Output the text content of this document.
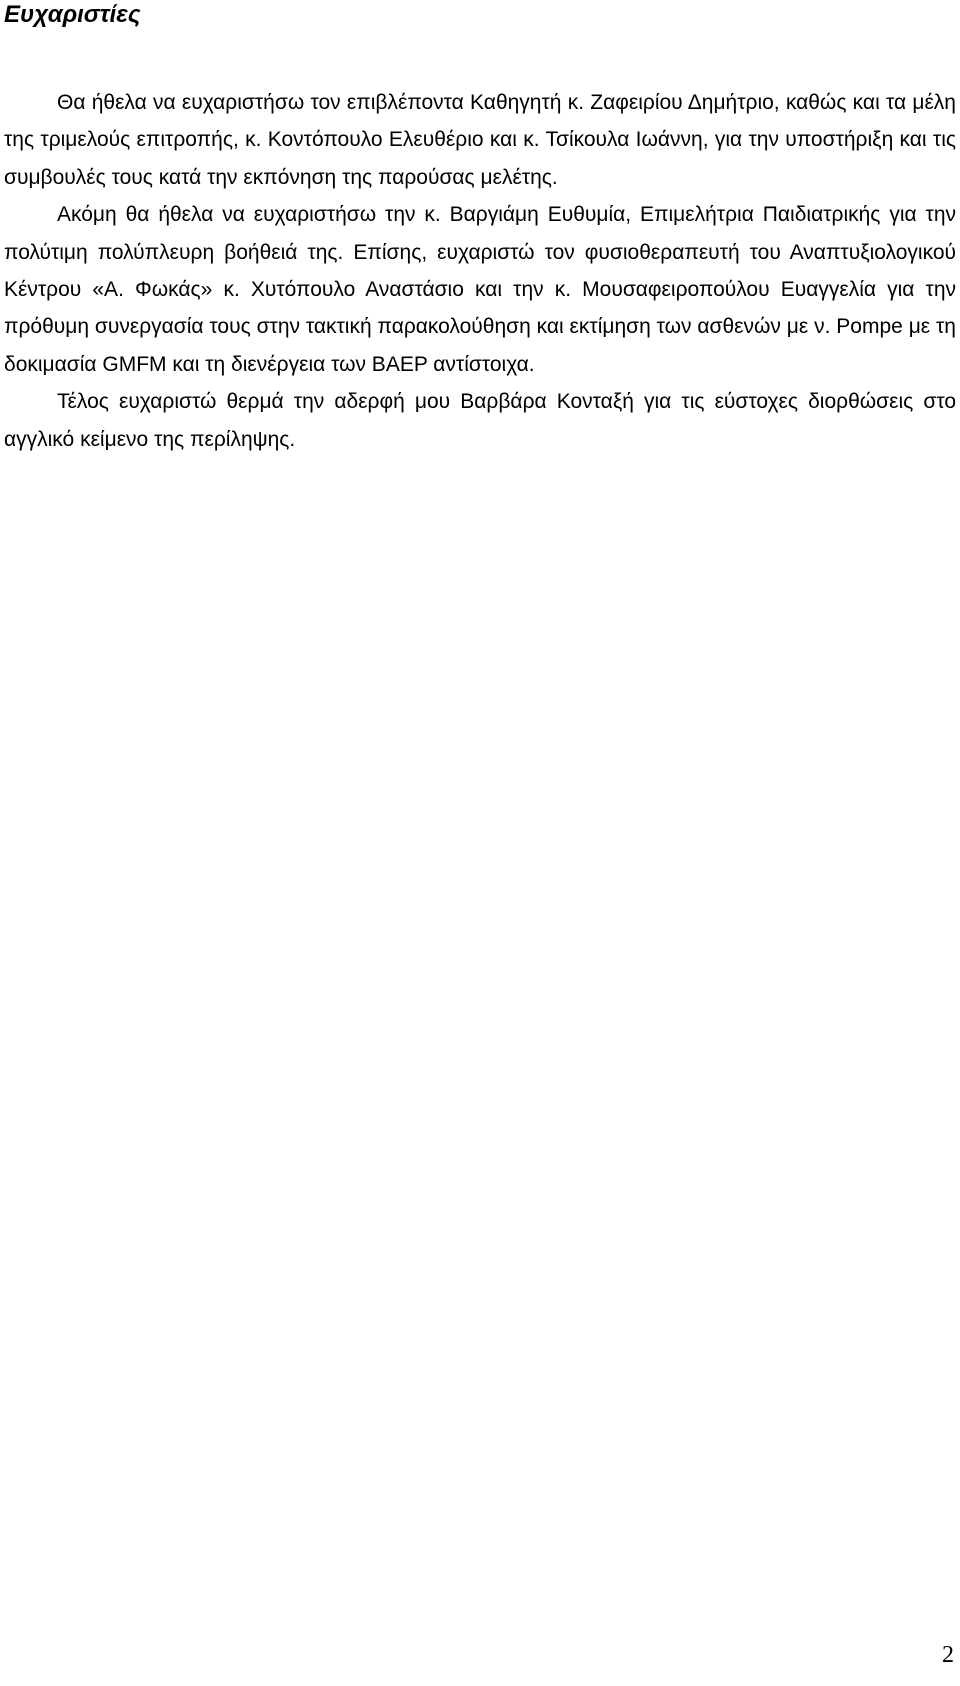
Ευχαριστίες

Θα ήθελα να ευχαριστήσω τον επιβλέποντα Καθηγητή κ. Ζαφειρίου Δημήτριο, καθώς και τα μέλη της τριμελούς επιτροπής, κ. Κοντόπουλο Ελευθέριο και κ. Τσίκουλα Ιωάννη, για την υποστήριξη και τις συμβουλές τους κατά την εκπόνηση της παρούσας μελέτης.

Ακόμη θα ήθελα να ευχαριστήσω την κ. Βαργιάμη Ευθυμία, Επιμελήτρια Παιδιατρικής για την πολύτιμη πολύπλευρη βοήθειά της. Επίσης, ευχαριστώ τον φυσιοθεραπευτή του Αναπτυξιολογικού Κέντρου «Α. Φωκάς» κ. Χυτόπουλο Αναστάσιο και την κ. Μουσαφειροπούλου Ευαγγελία για την πρόθυμη συνεργασία τους στην τακτική παρακολούθηση και εκτίμηση των ασθενών με ν. Pompe με τη δοκιμασία GMFM και τη διενέργεια των ΒΑΕΡ αντίστοιχα.

Τέλος ευχαριστώ θερμά την αδερφή μου Βαρβάρα Κονταξή για τις εύστοχες διορθώσεις στο αγγλικό κείμενο της περίληψης.

2
